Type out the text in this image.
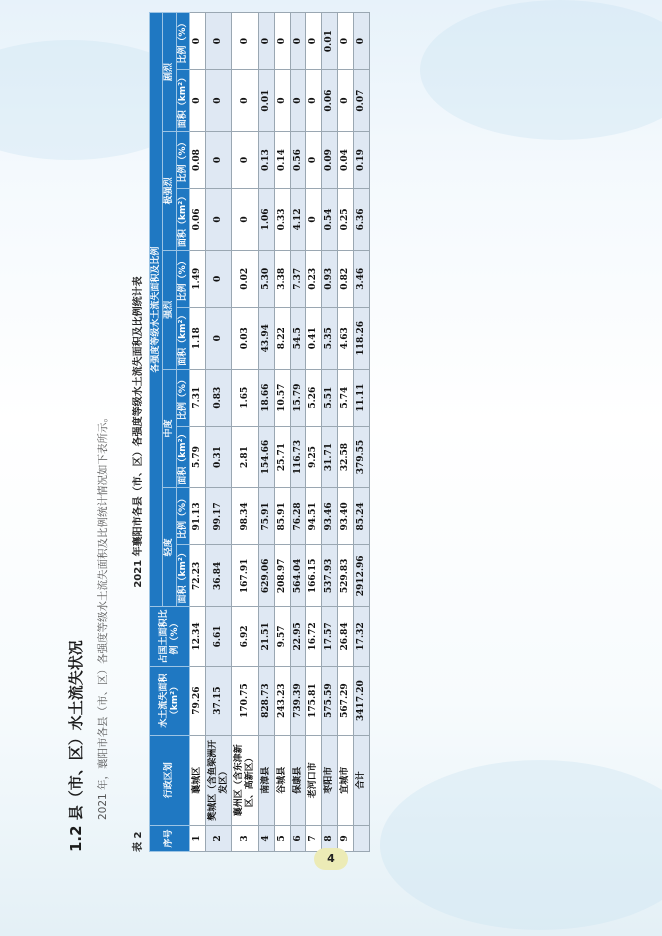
1.2 县（市、区）水土流失状况 2021 年，襄阳市各县（市、区）各强度等级水土流失面积及比例统计情况如下表所示。
表 2
2021 年襄阳市各县（市、区）各强度等级水土流失面积及比例统计表
序号	行政区划	水土流失面积（km²）	占国土面积比例（%）	各强度等级水土流失面积及比例									
				轻度		中度		强烈		极强烈		剧烈	
				面积（km²）	比例（%）	面积（km²）	比例（%）	面积（km²）	比例（%）	面积（km²）	比例（%）	面积（km²）	比例（%）
1	襄城区	79.26	12.34	72.23	91.13	5.79	7.31	1.18	1.49	0.06	0.08	0	0
2	樊城区（含鱼梁洲开发区）	37.15	6.61	36.84	99.17	0.31	0.83	0	0	0	0	0	0
3	襄州区（含东津新区、高新区）	170.75	6.92	167.91	98.34	2.81	1.65	0.03	0.02	0	0	0	0
4	南漳县	828.73	21.51	629.06	75.91	154.66	18.66	43.94	5.30	1.06	0.13	0.01	0
5	谷城县	243.23	9.57	208.97	85.91	25.71	10.57	8.22	3.38	0.33	0.14	0	0
6	保康县	739.39	22.95	564.04	76.28	116.73	15.79	54.5	7.37	4.12	0.56	0	0
7	老河口市	175.81	16.72	166.15	94.51	9.25	5.26	0.41	0.23	0	0	0	0
8	枣阳市	575.59	17.57	537.93	93.46	31.71	5.51	5.35	0.93	0.54	0.09	0.06	0.01
9	宜城市	567.29	26.84	529.83	93.40	32.58	5.74	4.63	0.82	0.25	0.04	0	0
	合计	3417.20	17.32	2912.96	85.24	379.55	11.11	118.26	3.46	6.36	0.19	0.07	0
4
